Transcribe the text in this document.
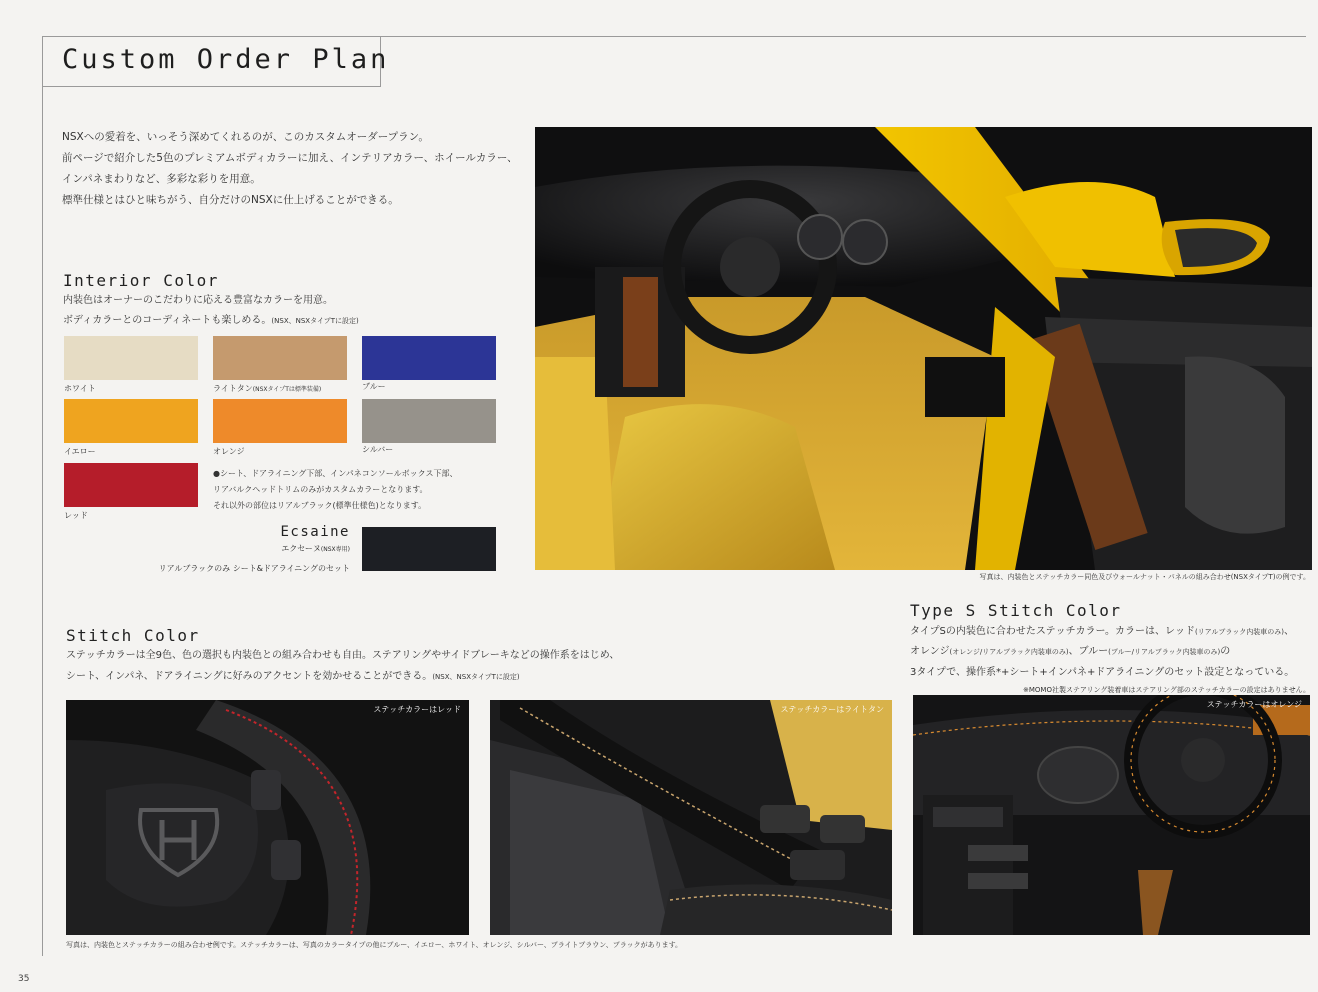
Custom Order Plan
NSXへの愛着を、いっそう深めてくれるのが、このカスタムオーダープラン。
前ページで紹介した5色のプレミアムボディカラーに加え、インテリアカラー、ホイールカラー、
インパネまわりなど、多彩な彩りを用意。
標準仕様とはひと味ちがう、自分だけのNSXに仕上げることができる。
Interior Color
内装色はオーナーのこだわりに応える豊富なカラーを用意。
ボディカラーとのコーディネートも楽しめる。(NSX、NSXタイプTに設定)
ホワイト	ライトタン(NSXタイプTは標準装備)	ブルー
イエロー	オレンジ	シルバー
レッド
●シート、ドアライニング下部、インパネコンソールボックス下部、
リアバルクヘッドトリムのみがカスタムカラーとなります。
それ以外の部位はリアルブラック(標準仕様色)となります。
Ecsaine
エクセーヌ(NSX専用)
リアルブラックのみ シート&ドアライニングのセット
写真は、内装色とステッチカラー同色及びウォールナット・パネルの組み合わせ(NSXタイプT)の例です。
Stitch Color
ステッチカラーは全9色、色の選択も内装色との組み合わせも自由。ステアリングやサイドブレーキなどの操作系をはじめ、
シート、インパネ、ドアライニングに好みのアクセントを効かせることができる。(NSX、NSXタイプTに設定)
Type S Stitch Color
タイプSの内装色に合わせたステッチカラー。カラーは、レッド(リアルブラック内装車のみ)、
オレンジ(オレンジ/リアルブラック内装車のみ)、ブルー(ブルー/リアルブラック内装車のみ)の
3タイプで、操作系*+シート+インパネ+ドアライニングのセット設定となっている。
※MOMO社製ステアリング装着車はステアリング部のステッチカラーの設定はありません。
ステッチカラーはレッド	ステッチカラーはライトタン
ステッチカラーはオレンジ
写真は、内装色とステッチカラーの組み合わせ例です。ステッチカラーは、写真のカラータイプの他にブルー、イエロー、ホワイト、オレンジ、シルバー、ブライトブラウン、ブラックがあります。
35
